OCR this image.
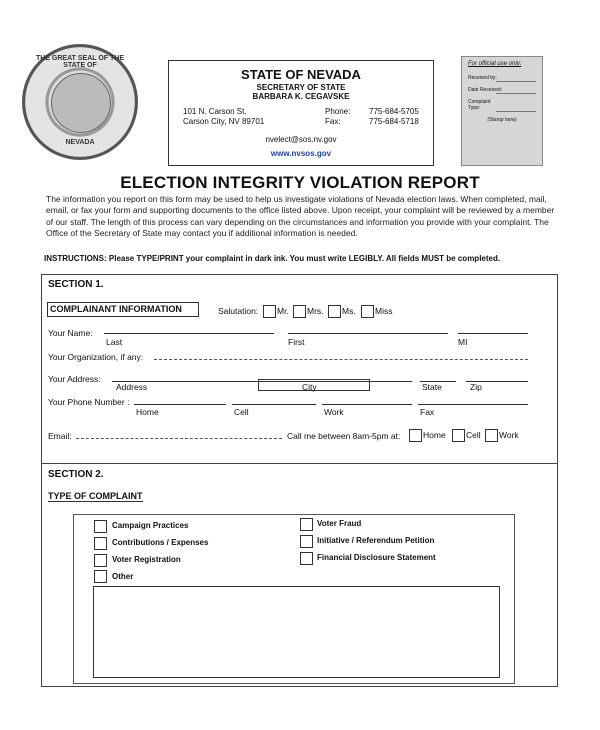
THE GREAT SEAL OF THE STATE OF
NEVADA
STATE OF NEVADA
SECRETARY OF STATE
BARBARA K. CEGAVSKE
101 N. Carson St.
Carson City, NV 89701
Phone: 775-684-5705
Fax:	775-684-5718
nvelect@sos.nv.gov
www.nvsos.gov
For official use only:
Received by:
Date Received:
Complaint Type:
(Stamp here)
ELECTION INTEGRITY VIOLATION REPORT
The information you report on this form may be used to help us investigate violations of Nevada election laws. When completed, mail, email, or fax your form and supporting documents to the office listed above. Upon receipt, your complaint will be reviewed by a member of our staff. The length of this process can vary depending on the circumstances and information you provide with your complaint. The Office of the Secretary of State may contact you if additional information is needed.
INSTRUCTIONS: Please TYPE/PRINT your complaint in dark ink. You must write LEGIBLY. All fields MUST be completed.
SECTION 1.
COMPLAINANT INFORMATION	Salutation: Mr. Mrs. Ms. Miss
Your Name:
Last	First	MI
Your Organization, if any:
Your Address:
Address	City	State	Zip
Your Phone Number :
Home	Cell	Work	Fax
Email:	Call me between 8am-5pm at:	Home Cell Work
SECTION 2.
TYPE OF COMPLAINT
Campaign Practices
Contributions / Expenses
Voter Registration
Other
Voter Fraud
Initiative / Referendum Petition
Financial Disclosure Statement
